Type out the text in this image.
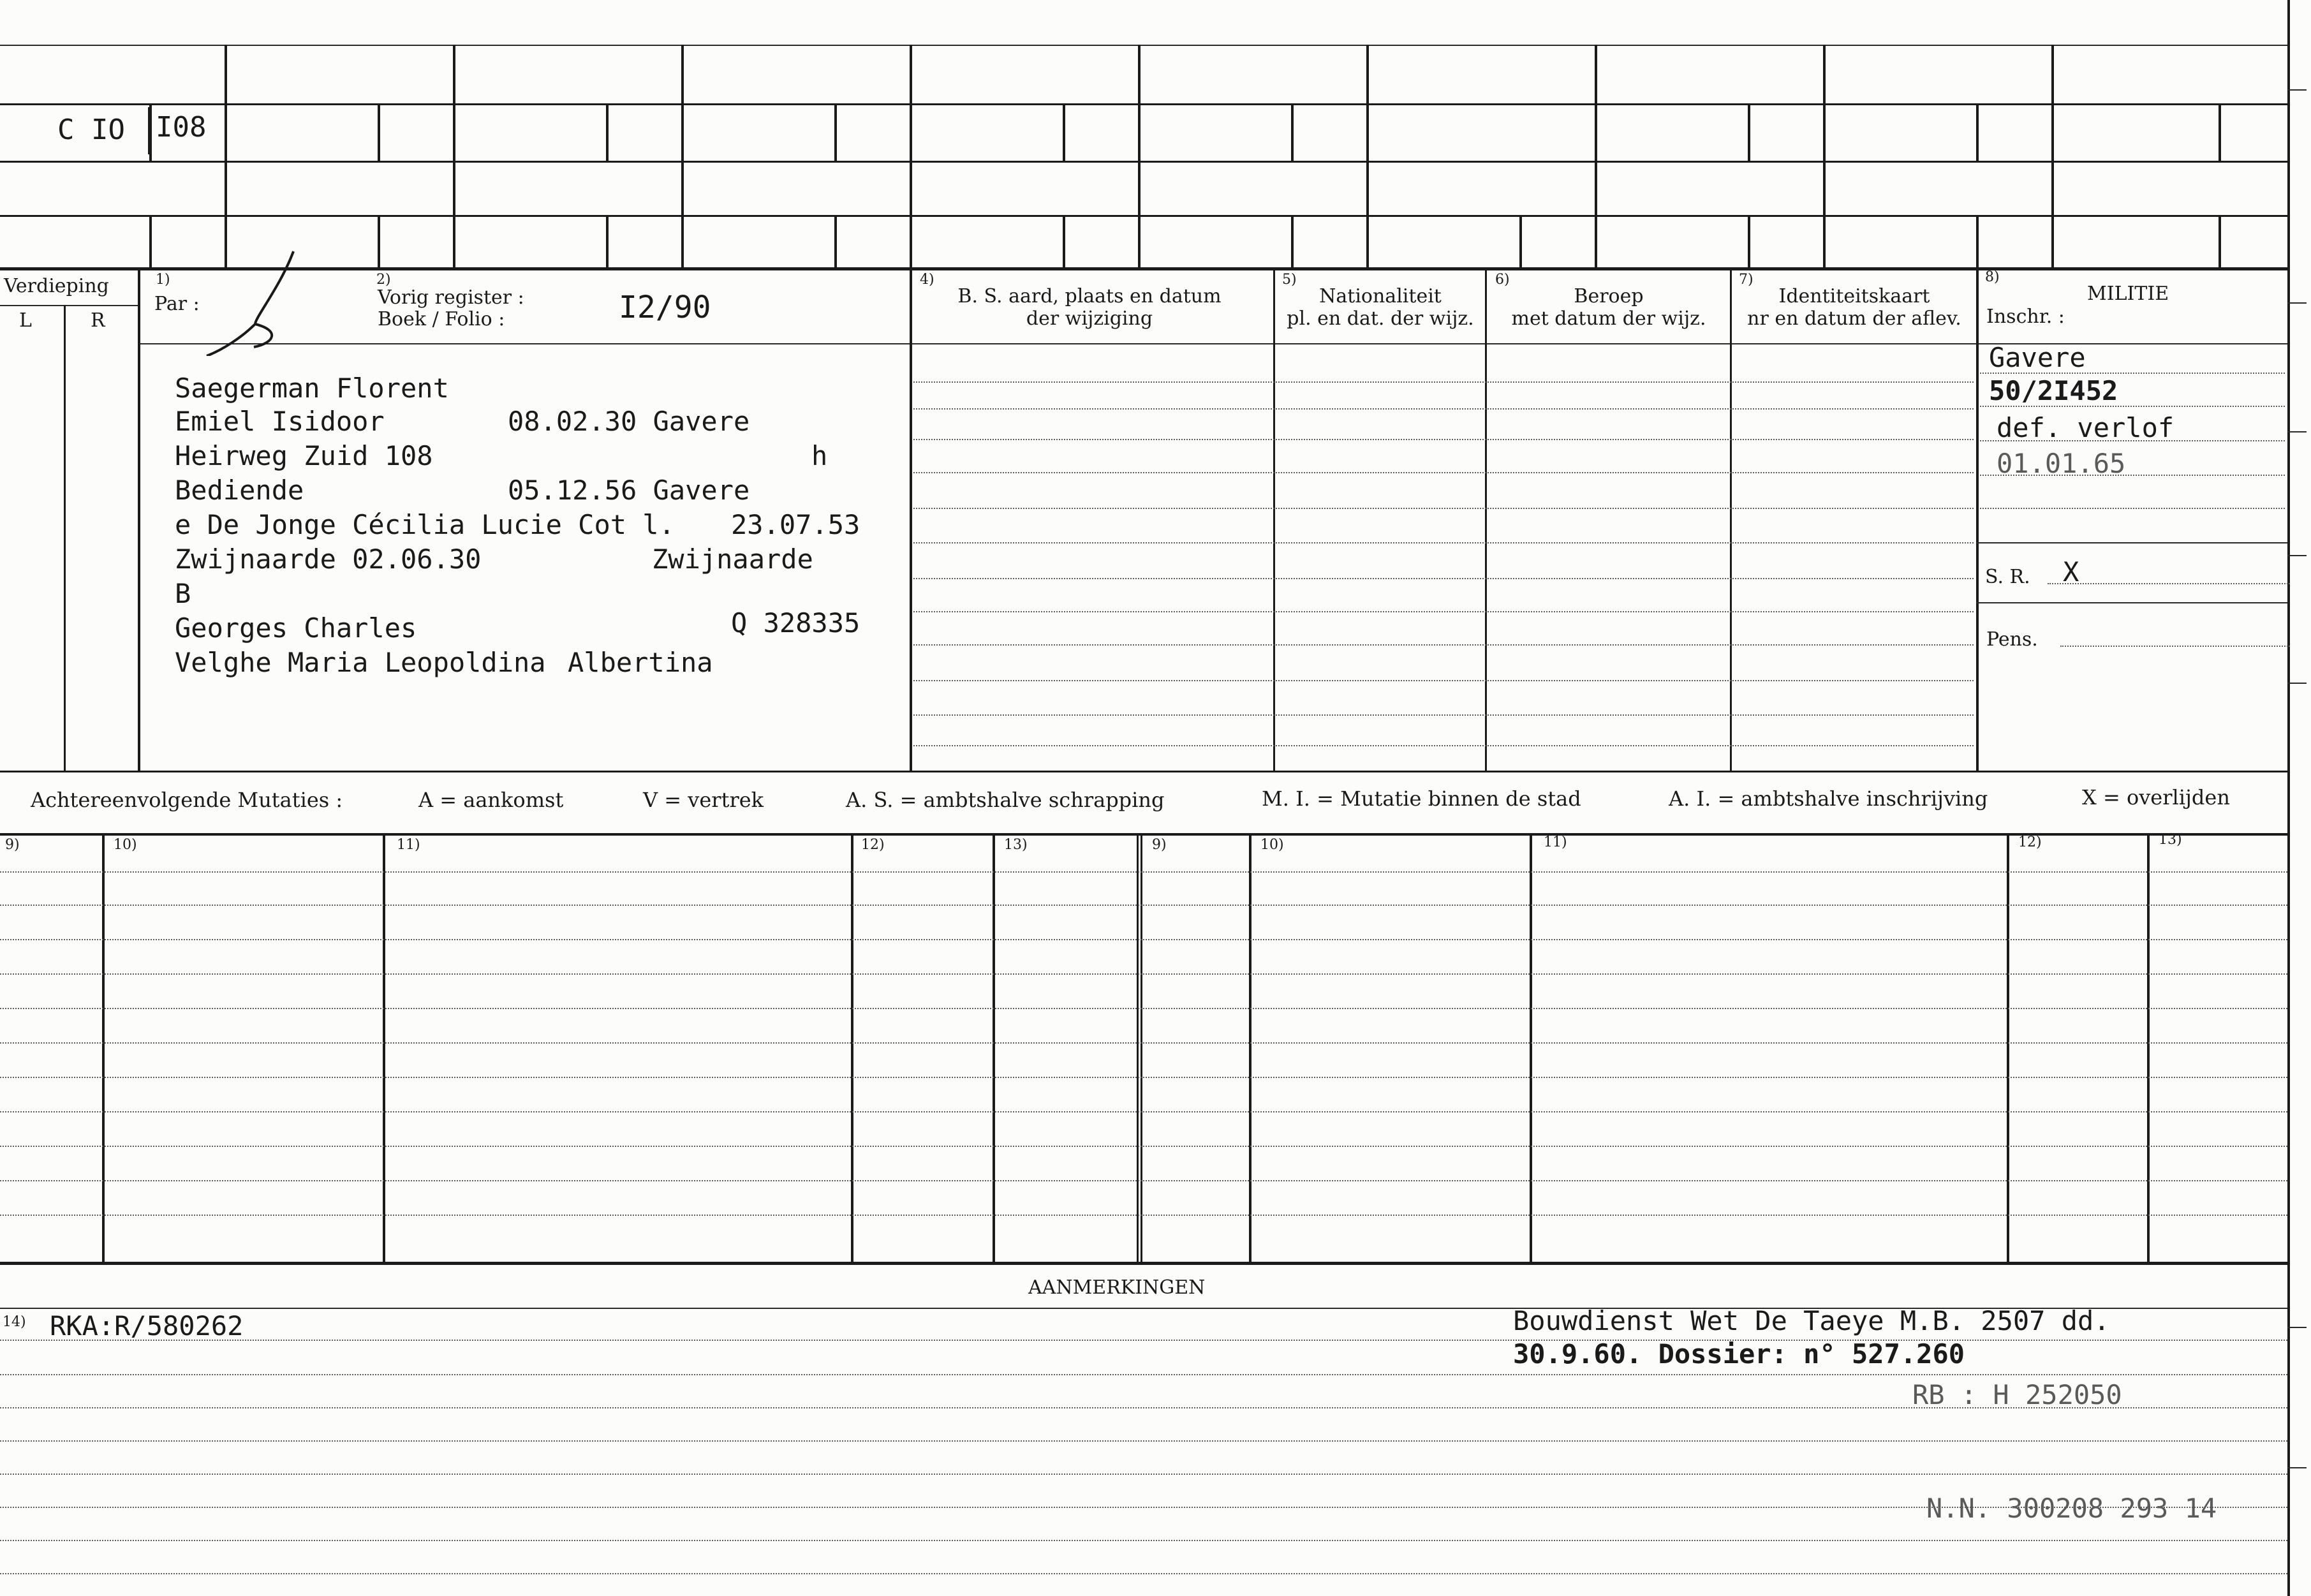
C IO I08
Verdieping
L	R
1)
Par :
2)
Vorig register :
Boek / Folio :	I2/90
4)
B. S. aard, plaats en datum
der wijziging
5)
Nationaliteit
pl. en dat. der wijz.
6)
Beroep
met datum der wijz.
7)
Identiteitskaart
nr en datum der aflev.
8)
MILITIE
Inschr. :
Gavere
50/2I452
def. verlof
01.01.65
S. R. X
Pens.
Saegerman Florent
Emiel Isidoor	08.02.30 Gavere
Heirweg Zuid 108	h
Bediende	05.12.56 Gavere
e De Jonge Cécilia Lucie Cot l. 23.07.53
Zwijnaarde 02.06.30	Zwijnaarde
B
Georges Charles	Q 328335
Velghe Maria Leopoldina Albertina
Achtereenvolgende Mutaties :	A = aankomst	V = vertrek	A. S. = ambtshalve schrapping	M. I. = Mutatie binnen de stad	A. I. = ambtshalve inschrijving	X = overlijden
9)	10)	11)	12)	13)	9)	10)	11)	12)	13)
AANMERKINGEN
14) RKA:R/580262	Bouwdienst Wet De Taeye M.B. 2507 dd.
30.9.60. Dossier: n° 527.260
RB : H 252050
N.N. 300208 293 14
